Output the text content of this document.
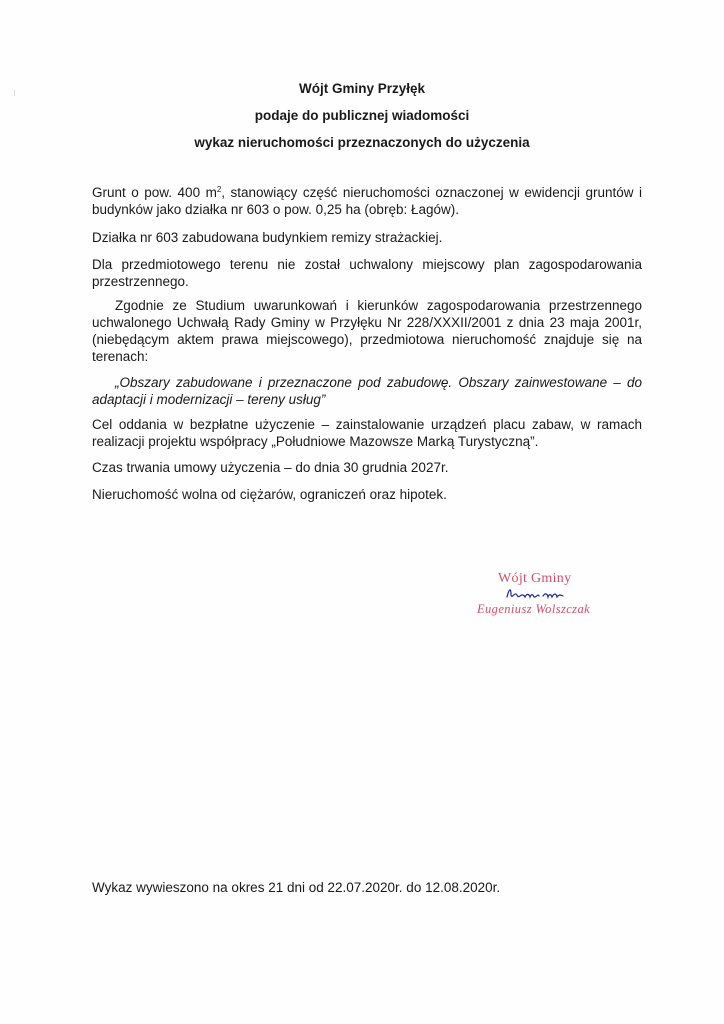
Wójt Gminy Przyłęk
podaje do publicznej wiadomości
wykaz nieruchomości przeznaczonych do użyczenia

Grunt o pow. 400 $m^2$, stanowiący część nieruchomości oznaczonej w ewidencji gruntów i budynków jako działka nr 603 o pow. 0,25 ha (obręb: Łagów).

Działka nr 603 zabudowana budynkiem remizy strażackiej.

Dla przedmiotowego terenu nie został uchwalony miejscowy plan zagospodarowania przestrzennego.

Zgodnie ze Studium uwarunkowań i kierunków zagospodarowania przestrzennego uchwalonego Uchwałą Rady Gminy w Przyłęku Nr 228/XXXII/2001 z dnia 23 maja 2001r, (niebędącym aktem prawa miejscowego), przedmiotowa nieruchomość znajduje się na terenach:

„Obszary zabudowane i przeznaczone pod zabudowę. Obszary zainwestowane – do adaptacji i modernizacji – tereny usług”

Cel oddania w bezpłatne użyczenie – zainstalowanie urządzeń placu zabaw, w ramach realizacji projektu współpracy „Południowe Mazowsze Marką Turystyczną”.

Czas trwania umowy użyczenia – do dnia 30 grudnia 2027r.

Nieruchomość wolna od ciężarów, ograniczeń oraz hipotek.

Wójt Gminy
Eugeniusz Wolszczak

Wykaz wywieszono na okres 21 dni od 22.07.2020r. do 12.08.2020r.
